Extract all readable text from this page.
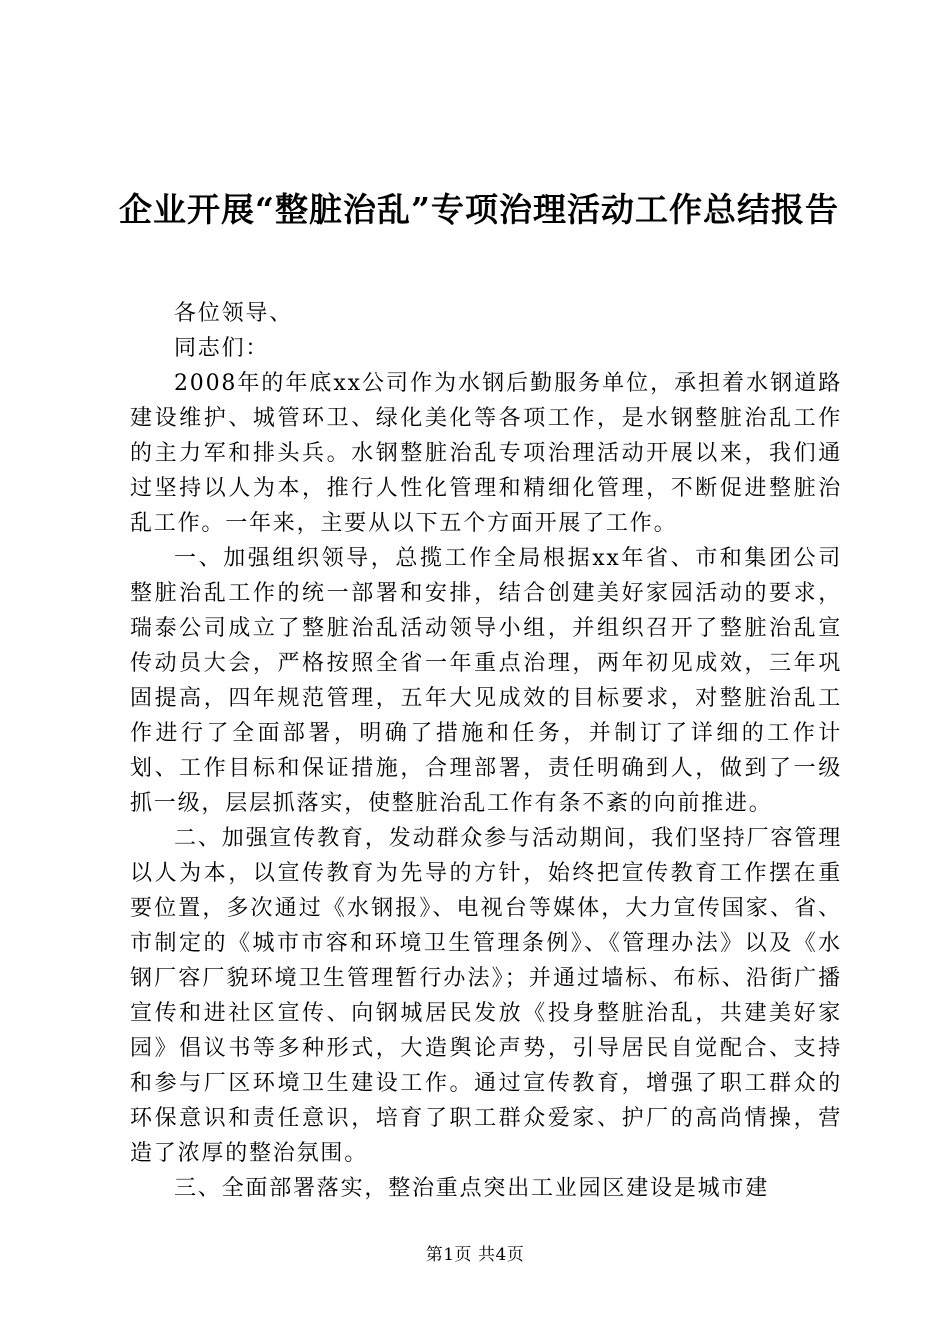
企业开展“整脏治乱”专项治理活动工作总结报告

各位领导、

同志们：

2008年的年底xx公司作为水钢后勤服务单位，承担着水钢道路建设维护、城管环卫、绿化美化等各项工作，是水钢整脏治乱工作的主力军和排头兵。水钢整脏治乱专项治理活动开展以来，我们通过坚持以人为本，推行人性化管理和精细化管理，不断促进整脏治乱工作。一年来，主要从以下五个方面开展了工作。

一、加强组织领导，总揽工作全局根据xx年省、市和集团公司整脏治乱工作的统一部署和安排，结合创建美好家园活动的要求，瑞泰公司成立了整脏治乱活动领导小组，并组织召开了整脏治乱宣传动员大会，严格按照全省一年重点治理，两年初见成效，三年巩固提高，四年规范管理，五年大见成效的目标要求，对整脏治乱工作进行了全面部署，明确了措施和任务，并制订了详细的工作计划、工作目标和保证措施，合理部署，责任明确到人，做到了一级抓一级，层层抓落实，使整脏治乱工作有条不紊的向前推进。

二、加强宣传教育，发动群众参与活动期间，我们坚持厂容管理以人为本，以宣传教育为先导的方针，始终把宣传教育工作摆在重要位置，多次通过《水钢报》、电视台等媒体，大力宣传国家、省、市制定的《城市市容和环境卫生管理条例》、《管理办法》以及《水钢厂容厂貌环境卫生管理暂行办法》；并通过墙标、布标、沿街广播宣传和进社区宣传、向钢城居民发放《投身整脏治乱，共建美好家园》倡议书等多种形式，大造舆论声势，引导居民自觉配合、支持和参与厂区环境卫生建设工作。通过宣传教育，增强了职工群众的环保意识和责任意识，培育了职工群众爱家、护厂的高尚情操，营造了浓厚的整治氛围。

三、全面部署落实，整治重点突出工业园区建设是城市建

第1页 共4页
